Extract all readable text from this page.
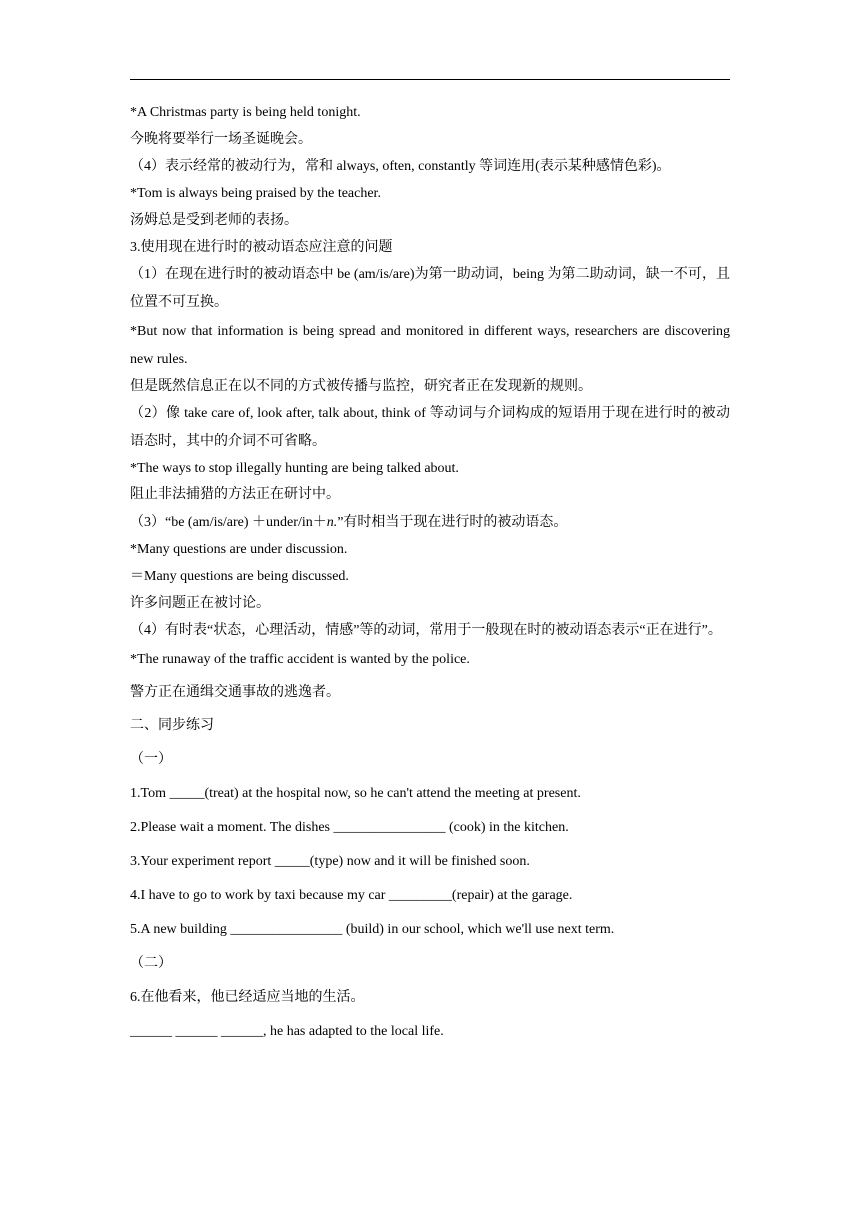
*A Christmas party is being held tonight.
今晚将要举行一场圣诞晚会。
（4）表示经常的被动行为，常和 always, often, constantly 等词连用(表示某种感情色彩)。
*Tom is always being praised by the teacher.
汤姆总是受到老师的表扬。
3.使用现在进行时的被动语态应注意的问题
（1）在现在进行时的被动语态中 be (am/is/are)为第一助动词，being 为第二助动词，缺一不可，且位置不可互换。
*But now that information is being spread and monitored in different ways, researchers are discovering new rules.
但是既然信息正在以不同的方式被传播与监控，研究者正在发现新的规则。
（2）像 take care of, look after, talk about, think of 等动词与介词构成的短语用于现在进行时的被动语态时，其中的介词不可省略。
*The ways to stop illegally hunting are being talked about.
阻止非法捕猎的方法正在研讨中。
（3）“be (am/is/are) ＋under/in＋n.”有时相当于现在进行时的被动语态。
*Many questions are under discussion.
＝Many questions are being discussed.
许多问题正在被讨论。
（4）有时表“状态，心理活动，情感”等的动词，常用于一般现在时的被动语态表示“正在进行”。
*The runaway of the traffic accident is wanted by the police.
警方正在通缉交通事故的逃逸者。
二、同步练习
（一）
1.Tom _____(treat) at the hospital now, so he can't attend the meeting at present.
2.Please wait a moment. The dishes ________________ (cook) in the kitchen.
3.Your experiment report _____(type) now and it will be finished soon.
4.I have to go to work by taxi because my car _________(repair) at the garage.
5.A new building ________________ (build) in our school, which we'll use next term.
（二）
6.在他看来，他已经适应当地的生活。
______ ______ ______, he has adapted to the local life.
